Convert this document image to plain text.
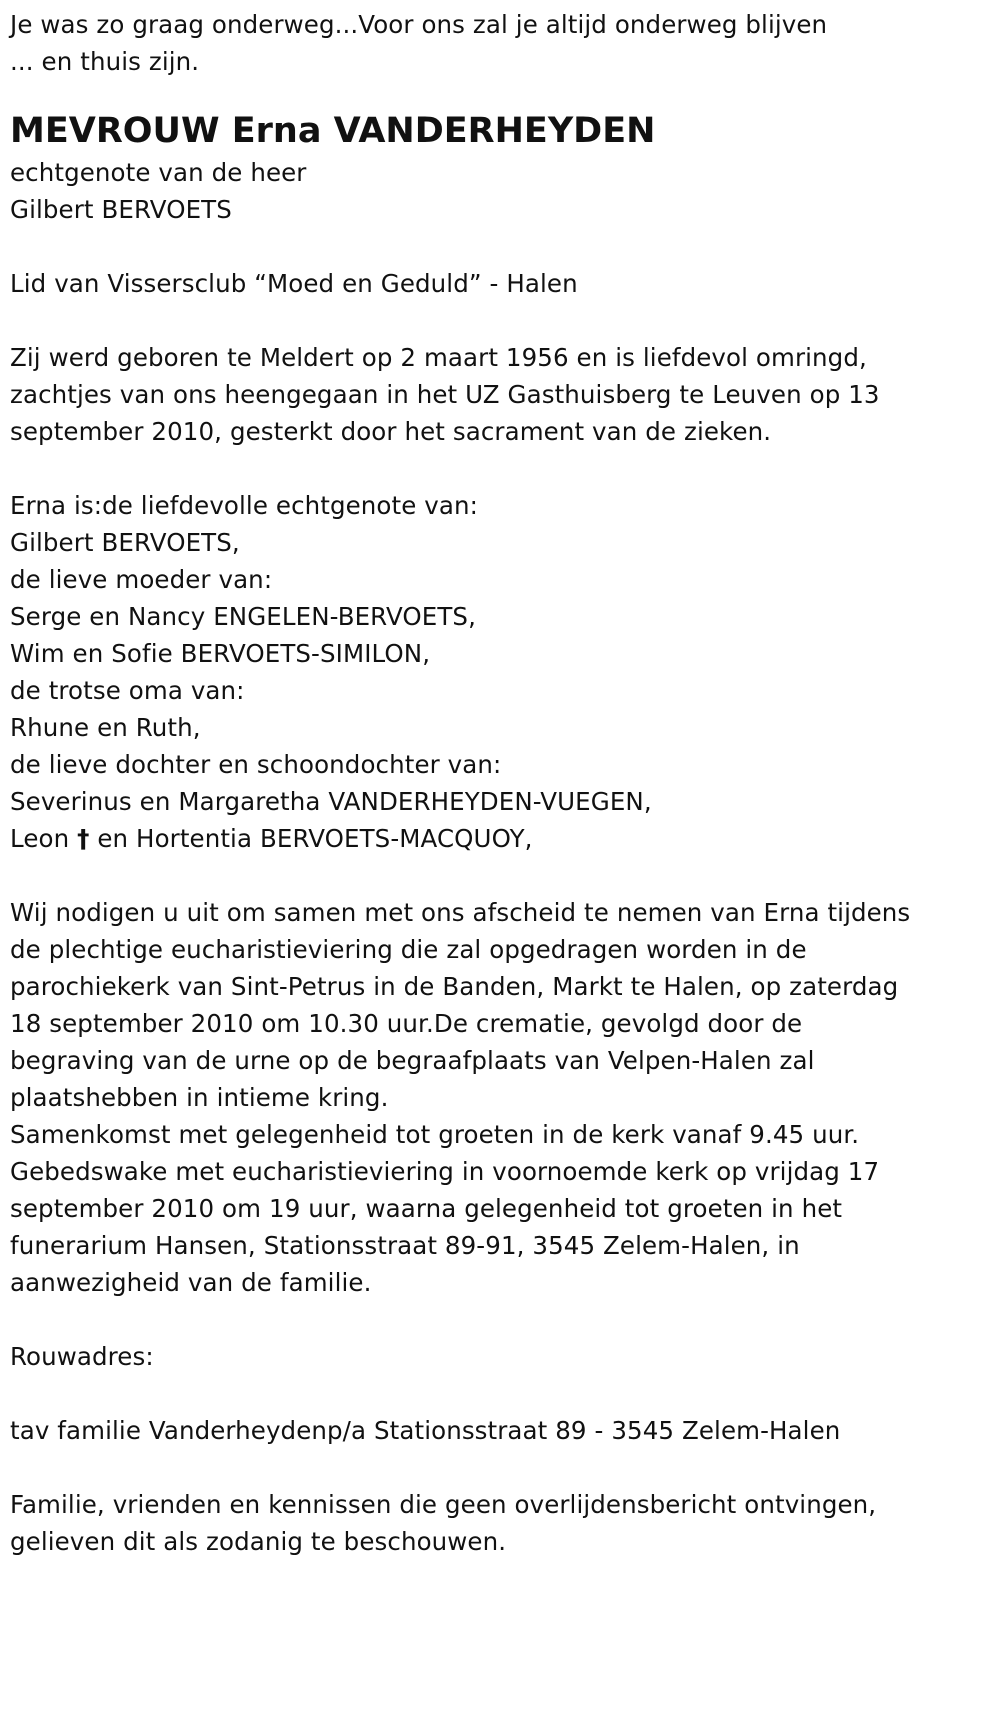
Je was zo graag onderweg...Voor ons zal je altijd onderweg blijven
... en thuis zijn.
MEVROUW Erna VANDERHEYDEN
echtgenote van de heer
Gilbert BERVOETS
Lid van Vissersclub “Moed en Geduld” - Halen
Zij werd geboren te Meldert op 2 maart 1956 en is liefdevol omringd,
zachtjes van ons heengegaan in het UZ Gasthuisberg te Leuven op 13
september 2010, gesterkt door het sacrament van de zieken.
Erna is:de liefdevolle echtgenote van:
Gilbert BERVOETS,
de lieve moeder van:
Serge en Nancy ENGELEN-BERVOETS,
Wim en Sofie BERVOETS-SIMILON,
de trotse oma van:
Rhune en Ruth,
de lieve dochter en schoondochter van:
Severinus en Margaretha VANDERHEYDEN-VUEGEN,
Leon † en Hortentia BERVOETS-MACQUOY,
Wij nodigen u uit om samen met ons afscheid te nemen van Erna tijdens
de plechtige eucharistieviering die zal opgedragen worden in de
parochiekerk van Sint-Petrus in de Banden, Markt te Halen, op zaterdag
18 september 2010 om 10.30 uur.De crematie, gevolgd door de
begraving van de urne op de begraafplaats van Velpen-Halen zal
plaatshebben in intieme kring.
Samenkomst met gelegenheid tot groeten in de kerk vanaf 9.45 uur.
Gebedswake met eucharistieviering in voornoemde kerk op vrijdag 17
september 2010 om 19 uur, waarna gelegenheid tot groeten in het
funerarium Hansen, Stationsstraat 89-91, 3545 Zelem-Halen, in
aanwezigheid van de familie.
Rouwadres:
tav familie Vanderheydenp/a Stationsstraat 89 - 3545 Zelem-Halen
Familie, vrienden en kennissen die geen overlijdensbericht ontvingen,
gelieven dit als zodanig te beschouwen.
